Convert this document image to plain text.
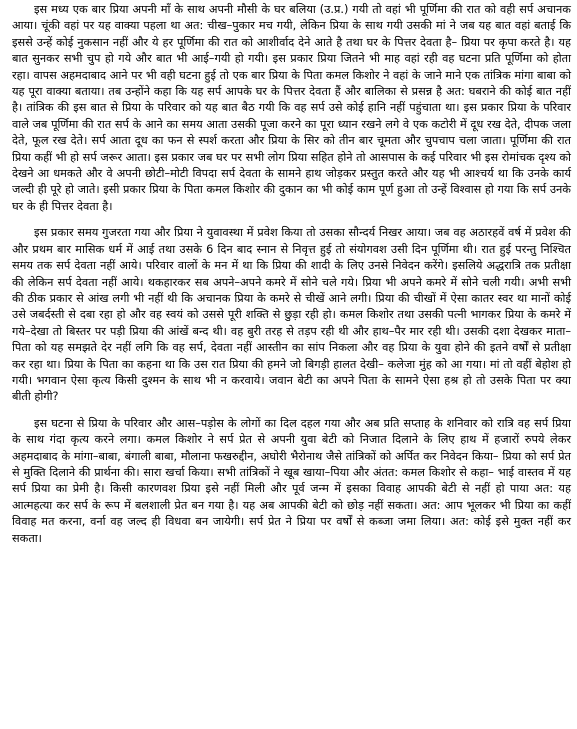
इस मध्य एक बार प्रिया अपनी माँ के साथ अपनी मौसी के घर बलिया (उ.प्र.) गयी तो वहां भी पूर्णिमा की रात को वही सर्प अचानक आया। चूंकी वहां पर यह वाक्या पहला था अत: चीख–पुकार मच गयी, लेकिन प्रिया के साथ गयी उसकी मां ने जब यह बात वहां बताई कि इससे उन्हें कोई नुकसान नहीं और ये हर पूर्णिमा की रात को आशीर्वाद देने आते है तथा घर के पित्तर देवता है– प्रिया पर कृपा करते है। यह बात सुनकर सभी चुप हो गये और बात भी आई–गयी हो गयी। इस प्रकार प्रिया जितने भी माह वहां रही वह घटना प्रति पूर्णिमा को होता रहा। वापस अहमदाबाद आने पर भी वही घटना हुई तो एक बार प्रिया के पिता कमल किशोर ने वहां के जाने माने एक तांत्रिक मांगा बाबा को यह पूरा वाक्या बताया। तब उन्होंने कहा कि यह सर्प आपके घर के पित्तर देवता हैं और बालिका से प्रसन्न है अत: घबराने की कोई बात नहीं है। तांत्रिक की इस बात से प्रिया के परिवार को यह बात बैठ गयी कि वह सर्प उसे कोई हानि नहीं पहुंचाता था। इस प्रकार प्रिया के परिवार वाले जब पूर्णिमा की रात सर्प के आने का समय आता उसकी पूजा करने का पूरा ध्यान रखने लगे वे एक कटोरी में दूध रख देते, दीपक जला देते, फूल रख देते। सर्प आता दूध का फन से स्पर्श करता और प्रिया के सिर को तीन बार चूमता और चुपचाप चला जाता। पूर्णिमा की रात प्रिया कहीं भी हो सर्प जरूर आता। इस प्रकार जब घर पर सभी लोग प्रिया सहित होने तो आसपास के कई परिवार भी इस रोमांचक दृश्य को देखने आ धमकते और वे अपनी छोटी–मोटी विपदा सर्प देवता के सामने हाथ जोड़कर प्रस्तुत करते और यह भी आश्चर्य था कि उनके कार्य जल्दी ही पूरे हो जाते। इसी प्रकार प्रिया के पिता कमल किशोर की दुकान का भी कोई काम पूर्ण हुआ तो उन्हें विश्वास हो गया कि सर्प उनके घर के ही पित्तर देवता है।

इस प्रकार समय गुजरता गया और प्रिया ने युवावस्था में प्रवेश किया तो उसका सौन्दर्य निखर आया। जब वह अठारहवें वर्ष में प्रवेश की और प्रथम बार मासिक धर्म में आई तथा उसके 6 दिन बाद स्नान से निवृत्त हुई तो संयोगवश उसी दिन पूर्णिमा थी। रात हुई परन्तु निश्चित समय तक सर्प देवता नहीं आये। परिवार वालों के मन में था कि प्रिया की शादी के लिए उनसे निवेदन करेंगे। इसलिये अद्धरात्रि तक प्रतीक्षा की लेकिन सर्प देवता नहीं आये। थकहारकर सब अपने–अपने कमरे में सोने चले गये। प्रिया भी अपने कमरे में सोने चली गयी। अभी सभी की ठीक प्रकार से आंख लगी भी नहीं थी कि अचानक प्रिया के कमरे से चीखें आने लगी। प्रिया की चीखों में ऐसा कातर स्वर था मानों कोई उसे जबर्दस्ती से दबा रहा हो और वह स्वयं को उससे पूरी शक्ति से छुड़ा रही हो। कमल किशोर तथा उसकी पत्नी भागकर प्रिया के कमरे में गये–देखा तो बिस्तर पर पड़ी प्रिया की आंखें बन्द थी। वह बुरी तरह से तड़प रही थी और हाथ–पैर मार रही थी। उसकी दशा देखकर माता–पिता को यह समझते देर नहीं लगि कि वह सर्प, देवता नहीं आस्तीन का सांप निकला और वह प्रिया के युवा होने की इतने वर्षों से प्रतीक्षा कर रहा था। प्रिया के पिता का कहना था कि उस रात प्रिया की हमने जो बिगड़ी हालत देखी– कलेजा मुंह को आ गया। मां तो वहीं बेहोश हो गयी। भगवान ऐसा कृत्य किसी दुश्मन के साथ भी न करवाये। जवान बेटी का अपने पिता के सामने ऐसा हश्र हो तो उसके पिता पर क्या बीती होगी?

इस घटना से प्रिया के परिवार और आस–पड़ोस के लोगों का दिल दहल गया और अब प्रति सप्ताह के शनिवार को रात्रि वह सर्प प्रिया के साथ गंदा कृत्य करने लगा। कमल किशोर ने सर्प प्रेत से अपनी युवा बेटी को निजात दिलाने के लिए हाथ में हजारों रुपये लेकर अहमदाबाद के मांगा–बाबा, बंगाली बाबा, मौलाना फखरुद्दीन, अघोरी भैरोनाथ जैसे तांत्रिकों को अर्पित कर निवेदन किया– प्रिया को सर्प प्रेत से मुक्ति दिलाने की प्रार्थना की। सारा खर्चा किया। सभी तांत्रिकों ने खूब खाया–पिया और अंतत: कमल किशोर से कहा– भाई वास्तव में यह सर्प प्रिया का प्रेमी है। किसी कारणवश प्रिया इसे नहीं मिली और पूर्व जन्म में इसका विवाह आपकी बेटी से नहीं हो पाया अत: यह आत्महत्या कर सर्प के रूप में बलशाली प्रेत बन गया है। यह अब आपकी बेटी को छोड़ नहीं सकता। अत: आप भूलकर भी प्रिया का कहीं विवाह मत करना, वर्ना वह जल्द ही विधवा बन जायेगी। सर्प प्रेत ने प्रिया पर वर्षों से कब्जा जमा लिया। अत: कोई इसे मुक्त नहीं कर सकता।
